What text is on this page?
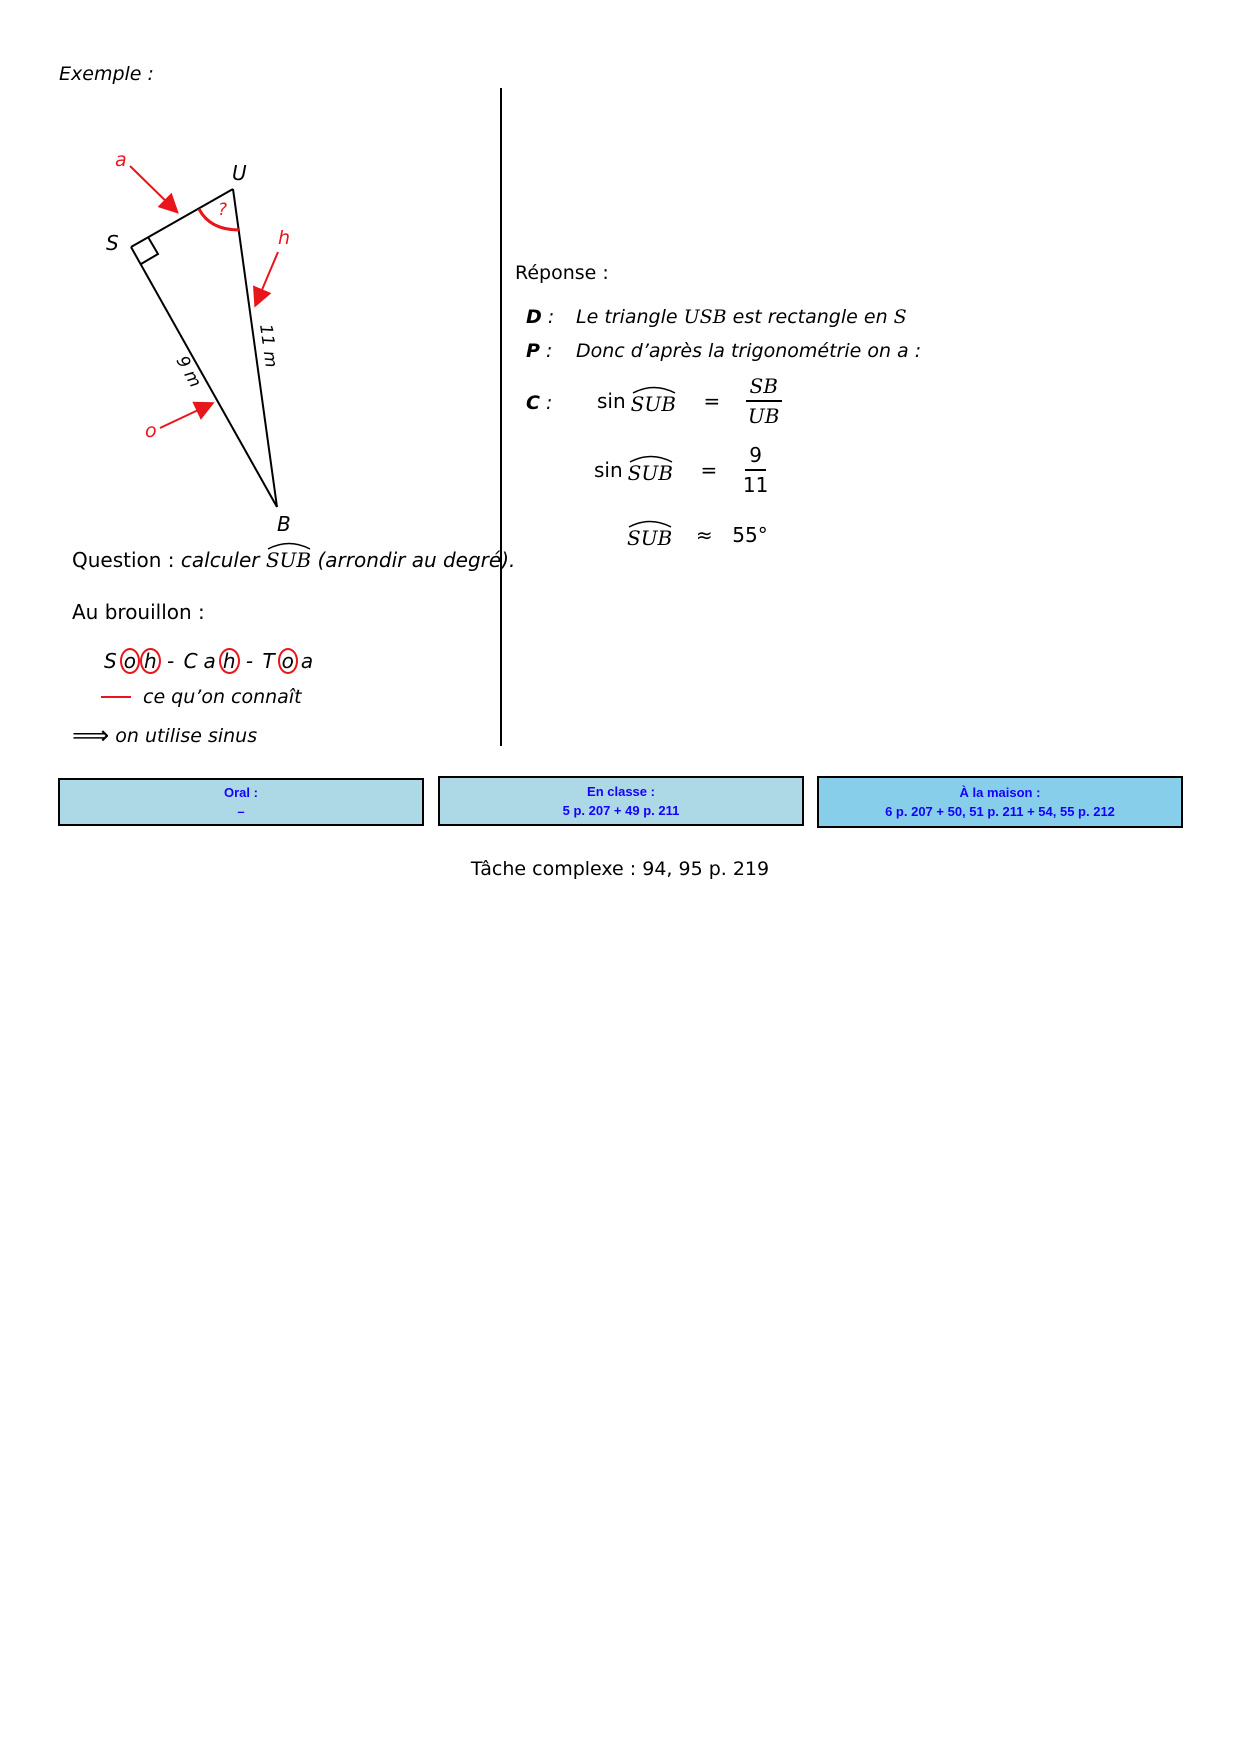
Exemple :
U
S
B
?
a
h
o
11 m
9 m
Question : calculer
SUB (arrondir au degré).
Au brouillon :
S o h - C a h - T o a
ce qu’on connaît
⟹ on utilise sinus
Réponse :
D : Le triangle USB est rectangle en S
P : Donc d’après la trigonométrie on a :
C : sin SUB = $\frac{SB}{UB}$
sin SUB = $\frac{9}{11}$
SUB ≈ 55°
Oral :
–
En classe :
5 p. 207 + 49 p. 211
À la maison :
6 p. 207 + 50, 51 p. 211 + 54, 55 p. 212
Tâche complexe : 94, 95 p. 219
